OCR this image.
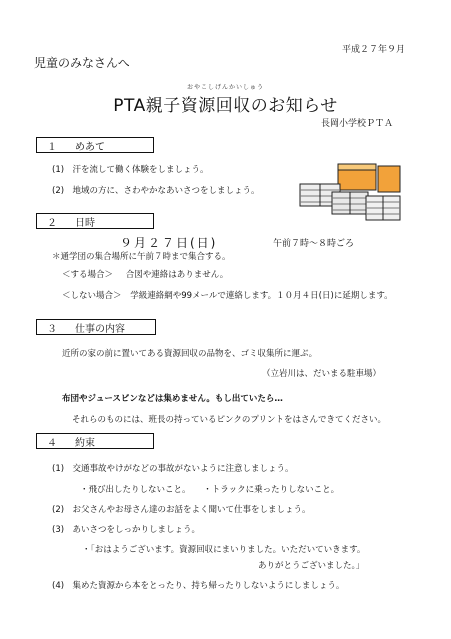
平成２７年９月
児童のみなさんへ
おやこしげんかいしゅう
PTA親子資源回収のお知らせ
長岡小学校ＰＴＡ
１ めあて
(1)　汗を流して働く体験をしましょう。
(2)　地域の方に、さわやかなあいさつをしましょう。
２ 日時
９月２７日(日)	午前７時～８時ごろ
＊通学団の集合場所に午前７時まで集合する。
＜する場合＞ 合図や連絡はありません。
＜しない場合＞ 学級連絡網や99メールで連絡します。１０月４日(日)に延期します。
３ 仕事の内容
近所の家の前に置いてある資源回収の品物を、ゴミ収集所に運ぶ。
（立岩川は、だいまる駐車場）
布団やジュースビンなどは集めません。もし出ていたら…
それらのものには、班長の持っているピンクのプリントをはさんできてください。
４ 約束
(1)　交通事故やけがなどの事故がないように注意しましょう。
・飛び出したりしないこと。　　・トラックに乗ったりしないこと。
(2)　お父さんやお母さん達のお話をよく聞いて仕事をしましょう。
(3)　あいさつをしっかりしましょう。
・「おはようございます。資源回収にまいりました。いただいていきます。
ありがとうございました。」
(4)　集めた資源から本をとったり、持ち帰ったりしないようにしましょう。
